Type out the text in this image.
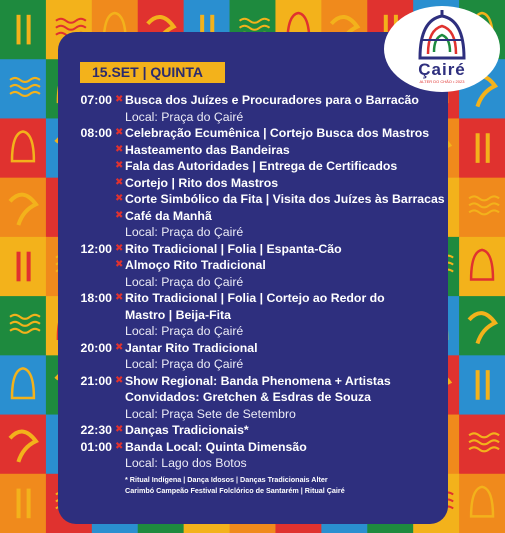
15.SET | QUINTA
07:00 ✖ Busca dos Juízes e Procuradores para o Barracão
Local: Praça do Çairé
08:00 ✖ Celebração Ecumênica | Cortejo Busca dos Mastros
✖ Hasteamento das Bandeiras
✖ Fala das Autoridades | Entrega de Certificados
✖ Cortejo | Rito dos Mastros
✖ Corte Simbólico da Fita | Visita dos Juízes às Barracas
✖ Café da Manhã
Local: Praça do Çairé
12:00 ✖ Rito Tradicional | Folia | Espanta-Cão
✖ Almoço Rito Tradicional
Local: Praça do Çairé
18:00 ✖ Rito Tradicional | Folia | Cortejo ao Redor do
Mastro | Beija-Fita
Local: Praça do Çairé
20:00 ✖ Jantar Rito Tradicional
Local: Praça do Çairé
21:00 ✖ Show Regional: Banda Phenomena + Artistas
Convidados: Gretchen & Esdras de Souza
Local: Praça Sete de Setembro
22:30 ✖ Danças Tradicionais*
01:00 ✖ Banda Local: Quinta Dimensão
Local: Lago dos Botos
* Ritual Indígena | Dança Idosos | Danças Tradicionais Alter
Carimbó Campeão Festival Folclórico de Santarém | Ritual Çairé
Çairé
ALTER DO CHÃO • 2023
